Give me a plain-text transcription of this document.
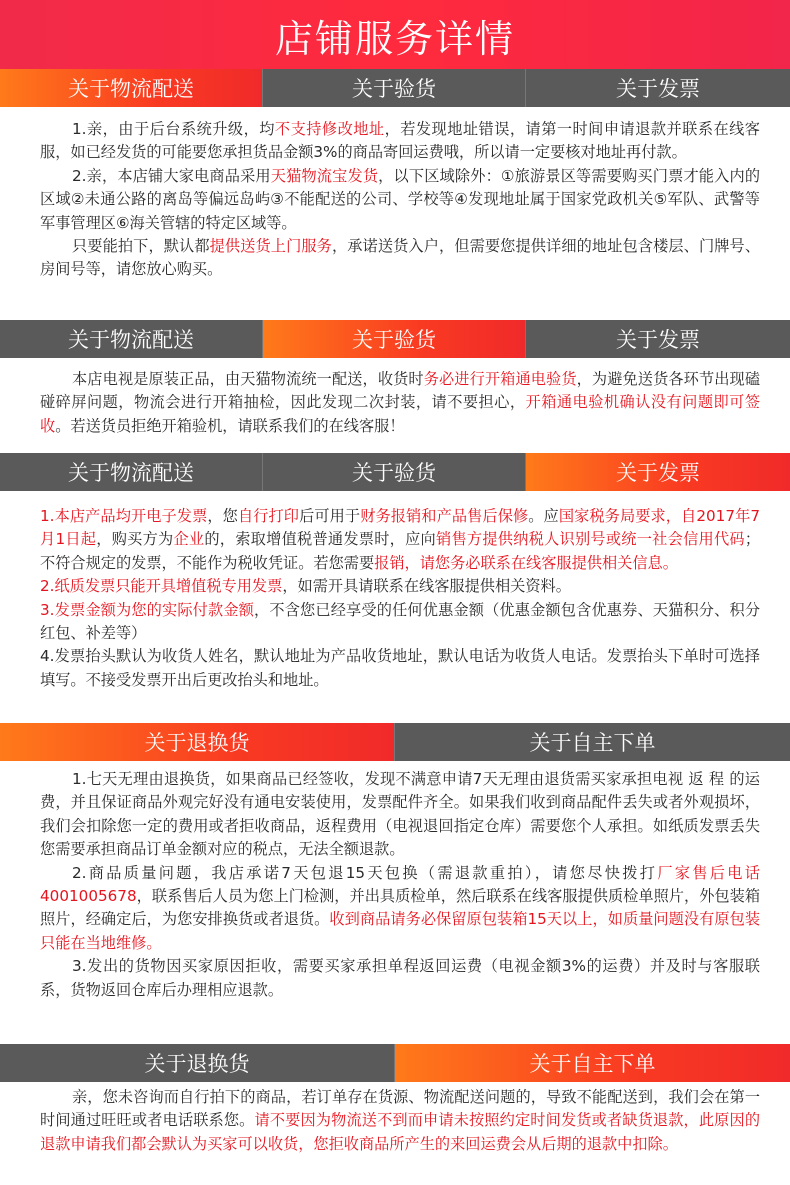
店铺服务详情
关于物流配送	关于验货	关于发票

1.亲，由于后台系统升级，均不支持修改地址，若发现地址错误，请第一时间申请退款并联系在线客服，如已经发货的可能要您承担货品金额3%的商品寄回运费哦，所以请一定要核对地址再付款。

2.亲，本店铺大家电商品采用天猫物流宝发货，以下区域除外：①旅游景区等需要购买门票才能入内的区域②未通公路的离岛等偏远岛屿③不能配送的公司、学校等④发现地址属于国家党政机关⑤军队、武警等军事管理区⑥海关管辖的特定区域等。

只要能拍下，默认都提供送货上门服务，承诺送货入户，但需要您提供详细的地址包含楼层、门牌号、房间号等，请您放心购买。

关于物流配送	关于验货	关于发票

本店电视是原装正品，由天猫物流统一配送，收货时务必进行开箱通电验货，为避免送货各环节出现磕碰碎屏问题，物流会进行开箱抽检，因此发现二次封装，请不要担心，开箱通电验机确认没有问题即可签收。若送货员拒绝开箱验机，请联系我们的在线客服！

关于物流配送	关于验货	关于发票

1.本店产品均开电子发票，您自行打印后可用于财务报销和产品售后保修。应国家税务局要求，自2017年7月1日起，购买方为企业的，索取增值税普通发票时，应向销售方提供纳税人识别号或统一社会信用代码；不符合规定的发票，不能作为税收凭证。若您需要报销，请您务必联系在线客服提供相关信息。

2.纸质发票只能开具增值税专用发票，如需开具请联系在线客服提供相关资料。

3.发票金额为您的实际付款金额，不含您已经享受的任何优惠金额（优惠金额包含优惠券、天猫积分、积分红包、补差等）

4.发票抬头默认为收货人姓名，默认地址为产品收货地址，默认电话为收货人电话。发票抬头下单时可选择填写。不接受发票开出后更改抬头和地址。

关于退换货	关于自主下单

1.七天无理由退换货，如果商品已经签收，发现不满意申请7天无理由退货需买家承担电视 返 程 的运费，并且保证商品外观完好没有通电安装使用，发票配件齐全。如果我们收到商品配件丢失或者外观损坏，我们会扣除您一定的费用或者拒收商品，返程费用（电视退回指定仓库）需要您个人承担。如纸质发票丢失您需要承担商品订单金额对应的税点，无法全额退款。

2.商品质量问题，我店承诺7天包退15天包换（需退款重拍），请您尽快拨打厂家售后电话4001005678，联系售后人员为您上门检测，并出具质检单，然后联系在线客服提供质检单照片，外包装箱照片，经确定后，为您安排换货或者退货。收到商品请务必保留原包装箱15天以上，如质量问题没有原包装只能在当地维修。

3.发出的货物因买家原因拒收，需要买家承担单程返回运费（电视金额3%的运费）并及时与客服联系，货物返回仓库后办理相应退款。

关于退换货	关于自主下单

亲，您未咨询而自行拍下的商品，若订单存在货源、物流配送问题的，导致不能配送到，我们会在第一时间通过旺旺或者电话联系您。请不要因为物流送不到而申请未按照约定时间发货或者缺货退款，此原因的退款申请我们都会默认为买家可以收货，您拒收商品所产生的来回运费会从后期的退款中扣除。
